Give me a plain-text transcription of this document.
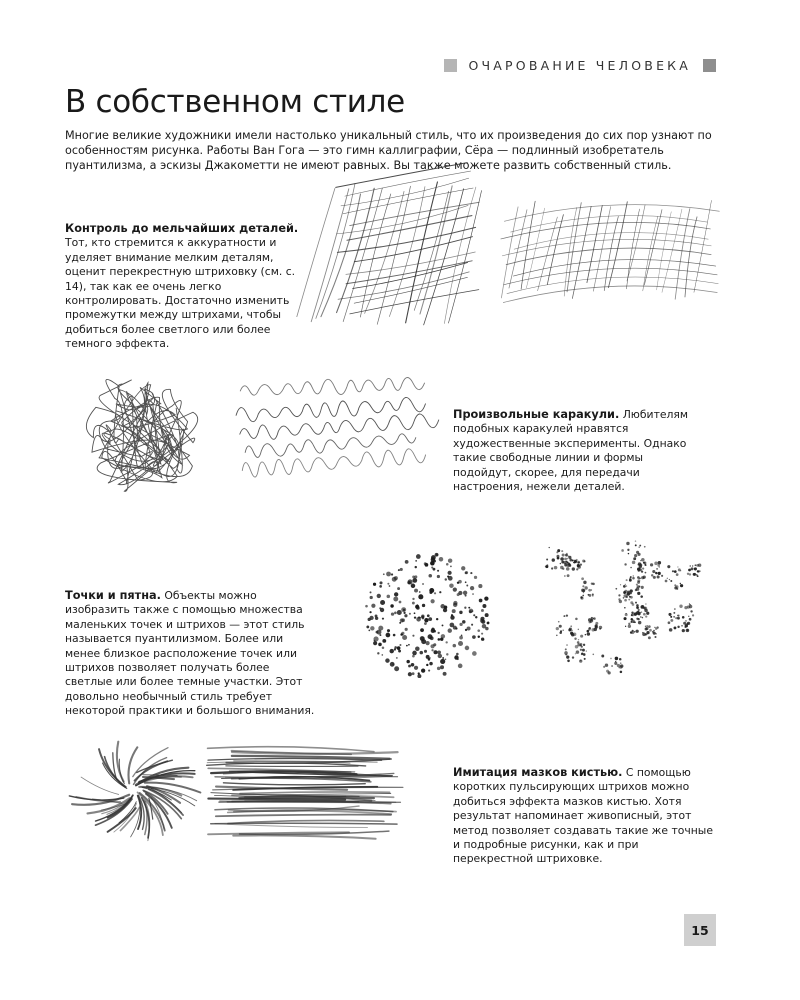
ОЧАРОВАНИЕ ЧЕЛОВЕКА
В собственном стиле

Многие великие художники имели настолько уникальный стиль, что их произведения до сих пор узнают по особенностям рисунка. Работы Ван Гога — это гимн каллиграфии, Сёра — подлинный изобретатель пуантилизма, а эскизы Джакометти не имеют равных. Вы также можете развить собственный стиль.

Контроль до мельчайших деталей.
Тот, кто стремится к аккуратности и уделяет внимание мелким деталям, оценит перекрестную штриховку (см. с. 14), так как ее очень легко контролировать. Достаточно изменить промежутки между штрихами, чтобы добиться более светлого или более темного эффекта.

Произвольные каракули. Любителям подобных каракулей нравятся художественные эксперименты. Однако такие свободные линии и формы подойдут, скорее, для передачи настроения, нежели деталей.

Точки и пятна. Объекты можно изобразить также с помощью множества маленьких точек и штрихов — этот стиль называется пуантилизмом. Более или менее близкое расположение точек или штрихов позволяет получать более светлые или более темные участки. Этот довольно необычный стиль требует некоторой практики и большого внимания.

Имитация мазков кистью. С помощью коротких пульсирующих штрихов можно добиться эффекта мазков кистью. Хотя результат напоминает живописный, этот метод позволяет создавать такие же точные и подробные рисунки, как и при перекрестной штриховке.

15
